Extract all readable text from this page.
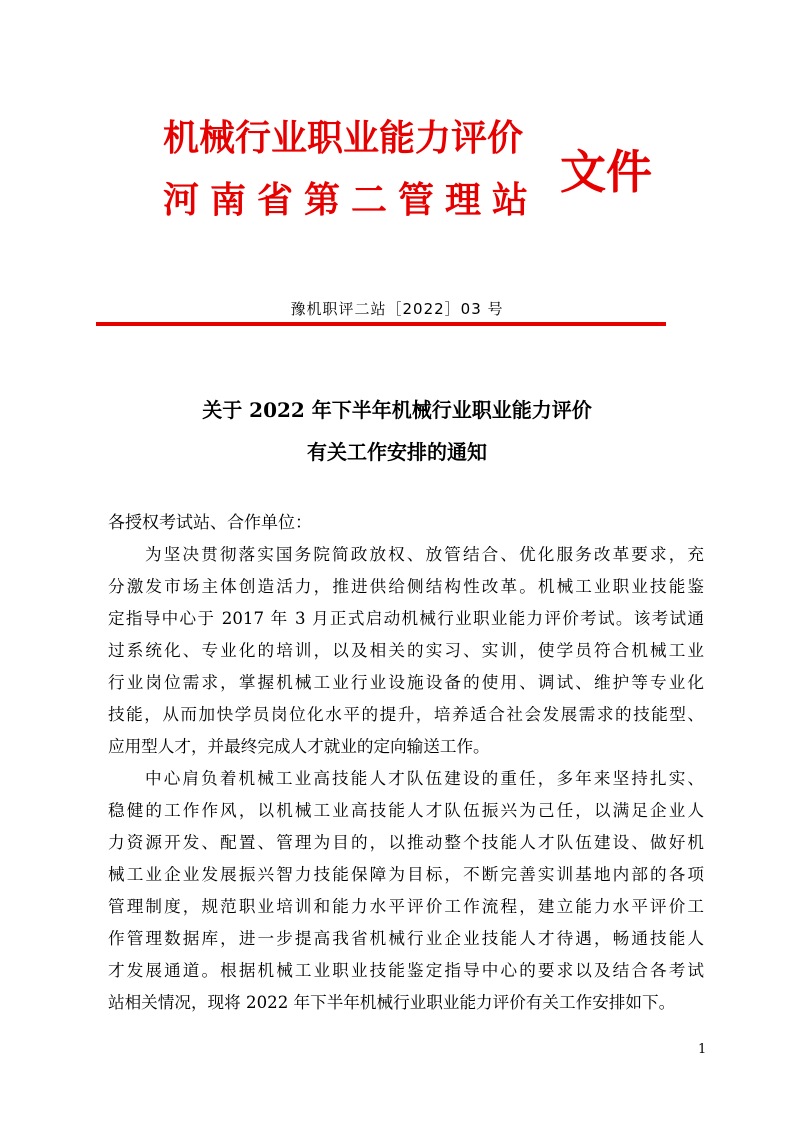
机械行业职业能力评价
河南省第二管理站
文件
豫机职评二站［2022］03 号
关于 2022 年下半年机械行业职业能力评价
有关工作安排的通知
各授权考试站、合作单位：
为坚决贯彻落实国务院简政放权、放管结合、优化服务改革要求，充
分激发市场主体创造活力，推进供给侧结构性改革。机械工业职业技能鉴
定指导中心于 2017 年 3 月正式启动机械行业职业能力评价考试。该考试通
过系统化、专业化的培训，以及相关的实习、实训，使学员符合机械工业
行业岗位需求，掌握机械工业行业设施设备的使用、调试、维护等专业化
技能，从而加快学员岗位化水平的提升，培养适合社会发展需求的技能型、
应用型人才，并最终完成人才就业的定向输送工作。
中心肩负着机械工业高技能人才队伍建设的重任，多年来坚持扎实、
稳健的工作作风，以机械工业高技能人才队伍振兴为己任，以满足企业人
力资源开发、配置、管理为目的，以推动整个技能人才队伍建设、做好机
械工业企业发展振兴智力技能保障为目标，不断完善实训基地内部的各项
管理制度，规范职业培训和能力水平评价工作流程，建立能力水平评价工
作管理数据库，进一步提高我省机械行业企业技能人才待遇，畅通技能人
才发展通道。根据机械工业职业技能鉴定指导中心的要求以及结合各考试
站相关情况，现将 2022 年下半年机械行业职业能力评价有关工作安排如下。
1
